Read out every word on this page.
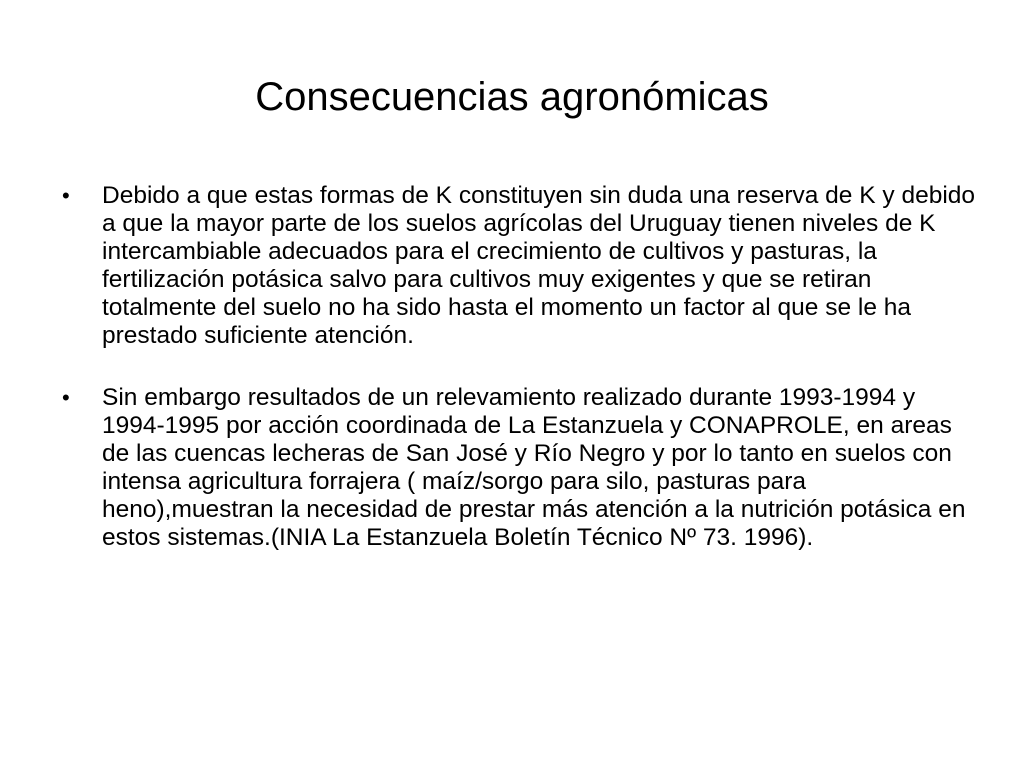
Consecuencias agronómicas
• Debido a que estas formas de K constituyen sin duda una reserva de K y debido a que la mayor parte de los suelos agrícolas del Uruguay tienen niveles de K intercambiable adecuados para el crecimiento de cultivos y pasturas, la fertilización potásica salvo para cultivos muy exigentes y que se retiran totalmente del suelo no ha sido hasta el momento un factor al que se le ha prestado suficiente atención.
• Sin embargo resultados de un relevamiento realizado durante 1993-1994 y 1994-1995 por acción coordinada de La Estanzuela y CONAPROLE, en areas de las cuencas lecheras de San José y Río Negro y por lo tanto en suelos con intensa agricultura forrajera ( maíz/sorgo para silo, pasturas para heno),muestran la necesidad de prestar más atención a la nutrición potásica en estos sistemas.(INIA La Estanzuela Boletín Técnico Nº 73. 1996).
